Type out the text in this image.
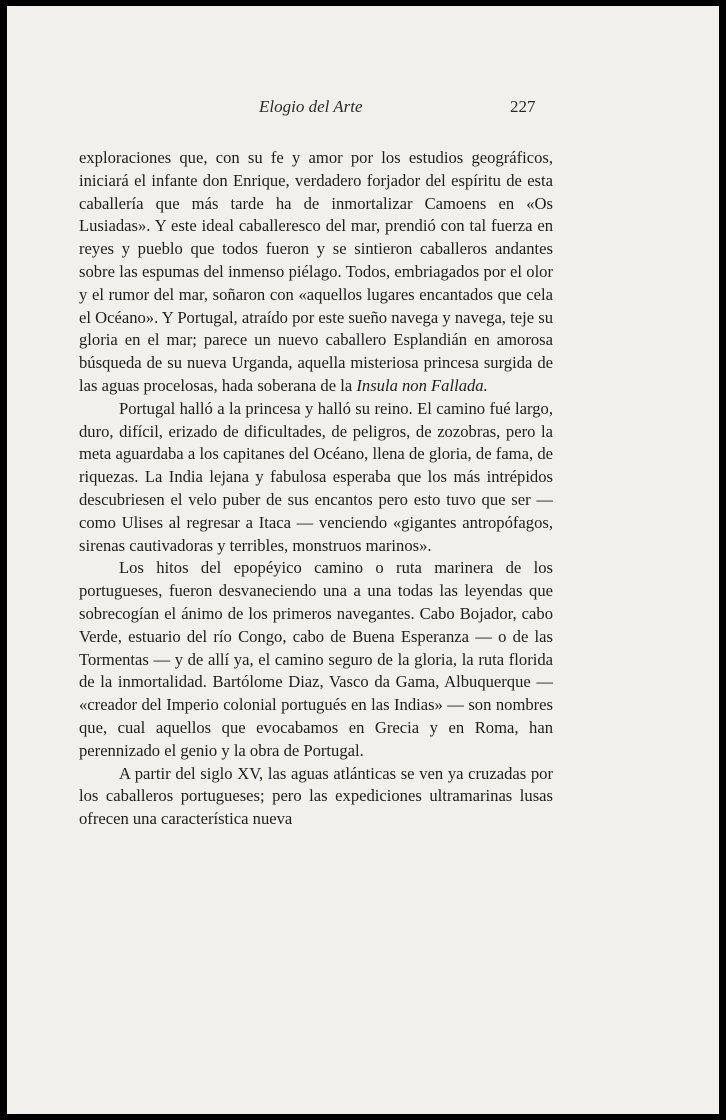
Elogio del Arte	227

exploraciones que, con su fe y amor por los estudios geográficos, iniciará el infante don Enrique, verdadero forjador del espíritu de esta caballería que más tarde ha de inmortalizar Camoens en «Os Lusiadas». Y este ideal caballeresco del mar, prendió con tal fuerza en reyes y pueblo que todos fueron y se sintieron caballeros andantes sobre las espumas del inmenso piélago. Todos, embriagados por el olor y el rumor del mar, soñaron con «aquellos lugares encantados que cela el Océano». Y Portugal, atraído por este sueño navega y navega, teje su gloria en el mar; parece un nuevo caballero Esplandián en amorosa búsqueda de su nueva Urganda, aquella misteriosa princesa surgida de las aguas procelosas, hada soberana de la Insula non Fallada.

Portugal halló a la princesa y halló su reino. El camino fué largo, duro, difícil, erizado de dificultades, de peligros, de zozobras, pero la meta aguardaba a los capitanes del Océano, llena de gloria, de fama, de riquezas. La India lejana y fabulosa esperaba que los más intrépidos descubriesen el velo puber de sus encantos pero esto tuvo que ser — como Ulises al regresar a Itaca — venciendo «gigantes antropófagos, sirenas cautivadoras y terribles, monstruos marinos».

Los hitos del epopéyico camino o ruta marinera de los portugueses, fueron desvaneciendo una a una todas las leyendas que sobrecogían el ánimo de los primeros navegantes. Cabo Bojador, cabo Verde, estuario del río Congo, cabo de Buena Esperanza — o de las Tormentas — y de allí ya, el camino seguro de la gloria, la ruta florida de la inmortalidad. Bartólome Diaz, Vasco da Gama, Albuquerque — «creador del Imperio colonial portugués en las Indias» — son nombres que, cual aquellos que evocabamos en Grecia y en Roma, han perennizado el genio y la obra de Portugal.

A partir del siglo XV, las aguas atlánticas se ven ya cruzadas por los caballeros portugueses; pero las expediciones ultramarinas lusas ofrecen una característica nueva
